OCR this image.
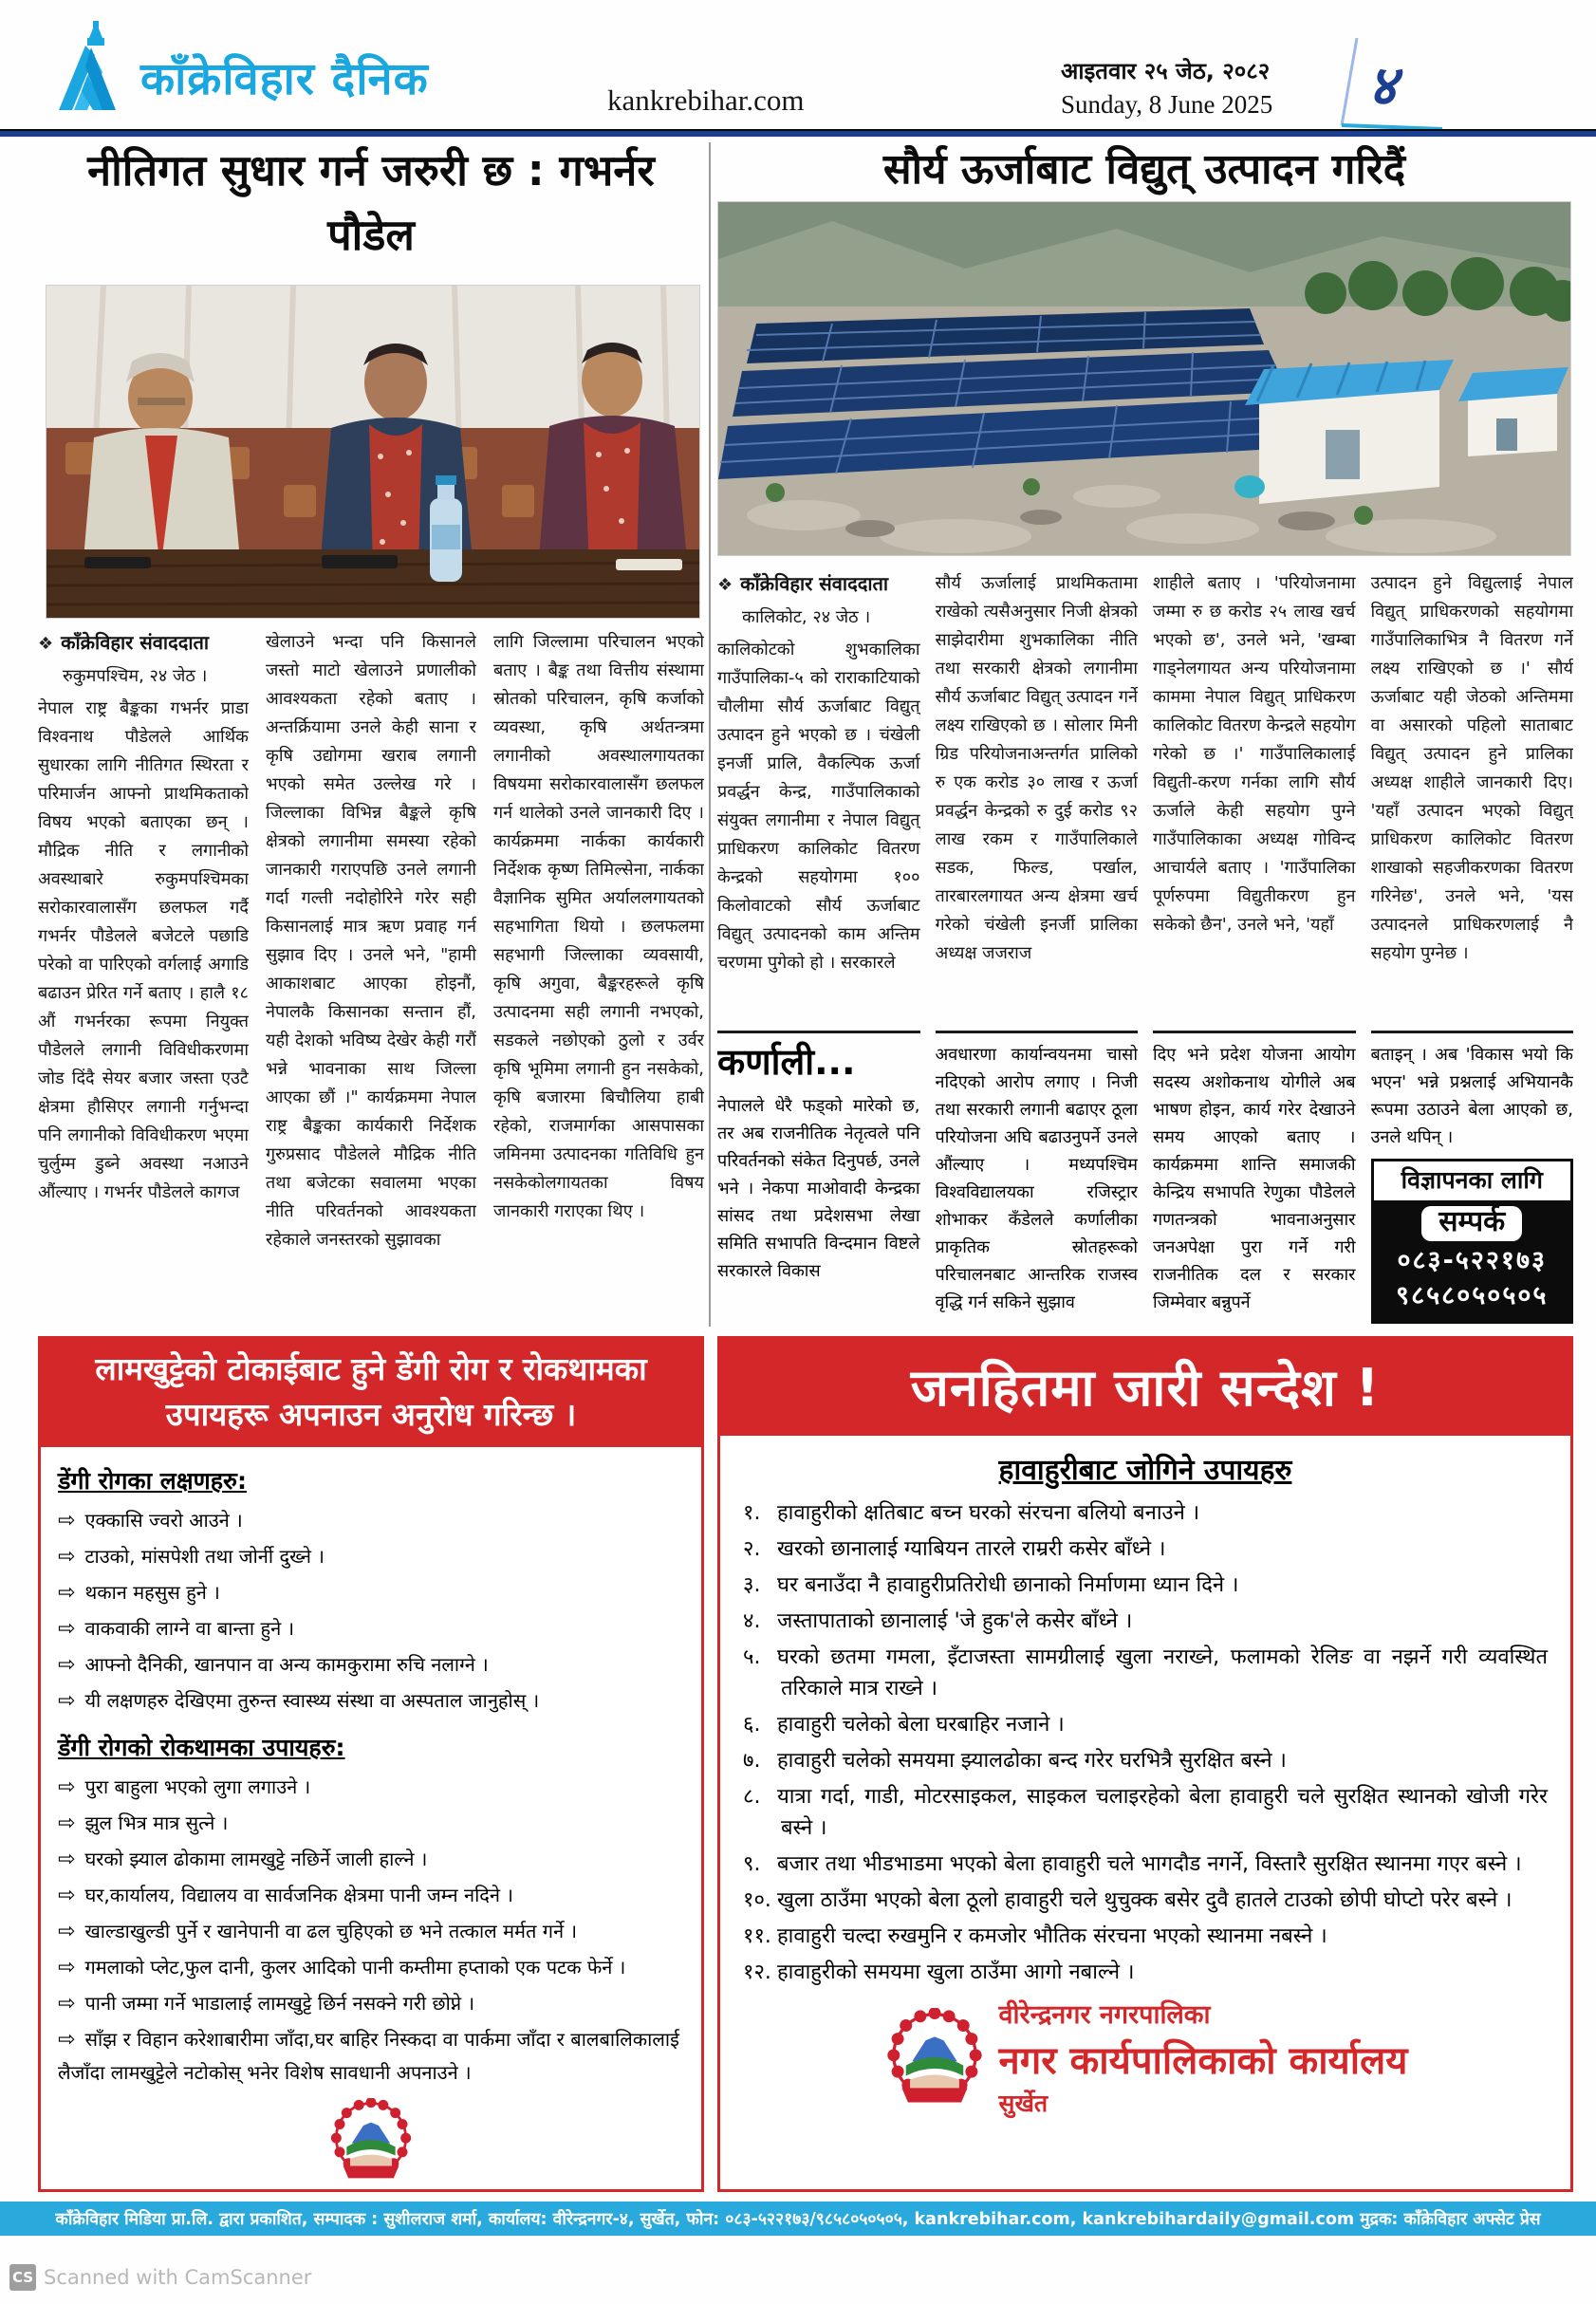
काँक्रेविहार दैनिक	kankrebihar.com
आइतवार २५ जेठ, २०८२
Sunday, 8 June 2025 ४
नीतिगत सुधार गर्न जरुरी छ : गभर्नर पौडेल
❖ काँक्रेविहार संवाददाता
रुकुमपश्चिम, २४ जेठ ।
नेपाल राष्ट्र बैङ्कका गभर्नर प्राडा विश्वनाथ पौडेलले आर्थिक सुधारका लागि नीतिगत स्थिरता र परिमार्जन आफ्नो प्राथमिकताको विषय भएको बताएका छन् । मौद्रिक नीति र लगानीको अवस्थाबारे रुकुमपश्चिमका सरोकारवालासँग छलफल गर्दै गभर्नर पौडेलले बजेटले पछाडि परेको वा पारिएको वर्गलाई अगाडि बढाउन प्रेरित गर्ने बताए । हालै १८ औं गभर्नरका रूपमा नियुक्त पौडेलले लगानी विविधीकरणमा जोड दिंदै सेयर बजार जस्ता एउटै क्षेत्रमा हौसिएर लगानी गर्नुभन्दा पनि लगानीको विविधीकरण भएमा चुर्लुम्म डुब्ने अवस्था नआउने औंल्याए । गभर्नर पौडेलले कागज
खेलाउने भन्दा पनि किसानले जस्तो माटो खेलाउने प्रणालीको आवश्यकता रहेको बताए । अन्तर्क्रियामा उनले केही साना र कृषि उद्योगमा खराब लगानी भएको समेत उल्लेख गरे । जिल्लाका विभिन्न बैङ्कले कृषि क्षेत्रको लगानीमा समस्या रहेको जानकारी गराएपछि उनले लगानी गर्दा गल्ती नदोहोरिने गरेर सही किसानलाई मात्र ऋण प्रवाह गर्न सुझाव दिए । उनले भने, "हामी आकाशबाट आएका होइनौं, नेपालकै किसानका सन्तान हौं, यही देशको भविष्य देखेर केही गरौं भन्ने भावनाका साथ जिल्ला आएका छौं ।" कार्यक्रममा नेपाल राष्ट्र बैङ्कका कार्यकारी निर्देशक गुरुप्रसाद पौडेलले मौद्रिक नीति तथा बजेटका सवालमा भएका नीति परिवर्तनको आवश्यकता रहेकाले जनस्तरको सुझावका
लागि जिल्लामा परिचालन भएको बताए । बैङ्क तथा वित्तीय संस्थामा स्रोतको परिचालन, कृषि कर्जाको व्यवस्था, कृषि अर्थतन्त्रमा लगानीको अवस्थालगायतका विषयमा सरोकारवालासँग छलफल गर्न थालेको उनले जानकारी दिए । कार्यक्रममा नार्कका कार्यकारी निर्देशक कृष्ण तिमिल्सेना, नार्कका वैज्ञानिक सुमित अर्याललगायतको सहभागिता थियो । छलफलमा सहभागी जिल्लाका व्यवसायी, कृषि अगुवा, बैङ्करहरूले कृषि उत्पादनमा सही लगानी नभएको, सडकले नछोएको ठुलो र उर्वर कृषि भूमिमा लगानी हुन नसकेको, कृषि बजारमा बिचौलिया हाबी रहेको, राजमार्गका आसपासका जमिनमा उत्पादनका गतिविधि हुन नसकेकोलगायतका विषय जानकारी गराएका थिए ।
सौर्य ऊर्जाबाट विद्युत् उत्पादन गरिदैं
❖ काँक्रेविहार संवाददाता
कालिकोट, २४ जेठ ।
कालिकोटको शुभकालिका गाउँपालिका-५ को राराकाटियाको चौलीमा सौर्य ऊर्जाबाट विद्युत् उत्पादन हुने भएको छ । चंखेली इनर्जी प्रालि, वैकल्पिक ऊर्जा प्रवर्द्धन केन्द्र, गाउँपालिकाको संयुक्त लगानीमा र नेपाल विद्युत् प्राधिकरण कालिकोट वितरण केन्द्रको सहयोगमा १०० किलोवाटको सौर्य ऊर्जाबाट विद्युत् उत्पादनको काम अन्तिम चरणमा पुगेको हो । सरकारले
सौर्य ऊर्जालाई प्राथमिकतामा राखेको त्यसैअनुसार निजी क्षेत्रको साझेदारीमा शुभकालिका नीति तथा सरकारी क्षेत्रको लगानीमा सौर्य ऊर्जाबाट विद्युत् उत्पादन गर्ने लक्ष्य राखिएको छ । सोलार मिनी ग्रिड परियोजनाअन्तर्गत प्रालिको रु एक करोड ३० लाख र ऊर्जा प्रवर्द्धन केन्द्रको रु दुई करोड ९२ लाख रकम र गाउँपालिकाले सडक, फिल्ड, पर्खाल, तारबारलगायत अन्य क्षेत्रमा खर्च गरेको चंखेली इनर्जी प्रालिका अध्यक्ष जजराज
शाहीले बताए । 'परियोजनामा जम्मा रु छ करोड २५ लाख खर्च भएको छ', उनले भने, 'खम्बा गाड्नेलगायत अन्य परियोजनामा काममा नेपाल विद्युत् प्राधिकरण कालिकोट वितरण केन्द्रले सहयोग गरेको छ ।' गाउँपालिकालाई विद्युती-करण गर्नका लागि सौर्य ऊर्जाले केही सहयोग पुग्ने गाउँपालिकाका अध्यक्ष गोविन्द आचार्यले बताए । 'गाउँपालिका पूर्णरुपमा विद्युतीकरण हुन सकेको छैन', उनले भने, 'यहाँ
उत्पादन हुने विद्युत्लाई नेपाल विद्युत् प्राधिकरणको सहयोगमा गाउँपालिकाभित्र नै वितरण गर्ने लक्ष्य राखिएको छ ।' सौर्य ऊर्जाबाट यही जेठको अन्तिममा वा असारको पहिलो साताबाट विद्युत् उत्पादन हुने प्रालिका अध्यक्ष शाहीले जानकारी दिए। 'यहाँ उत्पादन भएको विद्युत् प्राधिकरण कालिकोट वितरण शाखाको सहजीकरणका वितरण गरिनेछ', उनले भने, 'यस उत्पादनले प्राधिकरणलाई नै सहयोग पुग्नेछ ।
कर्णाली...
नेपालले धेरै फड्को मारेको छ, तर अब राजनीतिक नेतृत्वले पनि परिवर्तनको संकेत दिनुपर्छ, उनले भने । नेकपा माओवादी केन्द्रका सांसद तथा प्रदेशसभा लेखा समिति सभापति विन्दमान विष्टले सरकारले विकास
अवधारणा कार्यान्वयनमा चासो नदिएको आरोप लगाए । निजी तथा सरकारी लगानी बढाएर ठूला परियोजना अघि बढाउनुपर्ने उनले औंल्याए । मध्यपश्चिम विश्वविद्यालयका रजिस्ट्रार शोभाकर कँडेलले कर्णालीका प्राकृतिक स्रोतहरूको परिचालनबाट आन्तरिक राजस्व वृद्धि गर्न सकिने सुझाव
दिए भने प्रदेश योजना आयोग सदस्य अशोकनाथ योगीले अब भाषण होइन, कार्य गरेर देखाउने समय आएको बताए । कार्यक्रममा शान्ति समाजकी केन्द्रिय सभापति रेणुका पौडेलले गणतन्त्रको भावनाअनुसार जनअपेक्षा पुरा गर्ने गरी राजनीतिक दल र सरकार जिम्मेवार बन्नुपर्ने
बताइन् । अब 'विकास भयो कि भएन' भन्ने प्रश्नलाई अभियानकै रूपमा उठाउने बेला आएको छ, उनले थपिन् ।
विज्ञापनका लागि
सम्पर्क
०८३-५२२१७३
९८५८०५०५०५
लामखुट्टेको टोकाईबाट हुने डेंगी रोग र रोकथामका उपायहरू अपनाउन अनुरोध गरिन्छ ।
डेंगी रोगका लक्षणहरु:
⇨ एक्कासि ज्वरो आउने ।
⇨ टाउको, मांसपेशी तथा जोर्नी दुख्ने ।
⇨ थकान महसुस हुने ।
⇨ वाकवाकी लाग्ने वा बान्ता हुने ।
⇨ आफ्नो दैनिकी, खानपान वा अन्य कामकुरामा रुचि नलाग्ने ।
⇨ यी लक्षणहरु देखिएमा तुरुन्त स्वास्थ्य संस्था वा अस्पताल जानुहोस् ।
डेंगी रोगको रोकथामका उपायहरु:
⇨ पुरा बाहुला भएको लुगा लगाउने ।
⇨ झुल भित्र मात्र सुत्ने ।
⇨ घरको झ्याल ढोकामा लामखुट्टे नछिर्ने जाली हाल्ने ।
⇨ घर,कार्यालय, विद्यालय वा सार्वजनिक क्षेत्रमा पानी जम्न नदिने ।
⇨ खाल्डाखुल्डी पुर्ने र खानेपानी वा ढल चुहिएको छ भने तत्काल मर्मत गर्ने ।
⇨ गमलाको प्लेट,फुल दानी, कुलर आदिको पानी कम्तीमा हप्ताको एक पटक फेर्ने ।
⇨ पानी जम्मा गर्ने भाडालाई लामखुट्टे छिर्न नसक्ने गरी छोप्ने ।
⇨ साँझ र विहान करेशाबारीमा जाँदा,घर बाहिर निस्कदा वा पार्कमा जाँदा र बालबालिकालाई लैजाँदा लामखुट्टेले नटोकोस् भनेर विशेष सावधानी अपनाउने ।
जनहितमा जारी सन्देश !
हावाहुरीबाट जोगिने उपायहरु
१. हावाहुरीको क्षतिबाट बच्न घरको संरचना बलियो बनाउने ।
२. खरको छानालाई ग्याबियन तारले राम्ररी कसेर बाँध्ने ।
३. घर बनाउँदा नै हावाहुरीप्रतिरोधी छानाको निर्माणमा ध्यान दिने ।
४. जस्तापाताको छानालाई 'जे हुक'ले कसेर बाँध्ने ।
५. घरको छतमा गमला, इँटाजस्ता सामग्रीलाई खुला नराख्ने, फलामको रेलिङ वा नझर्ने गरी व्यवस्थित तरिकाले मात्र राख्ने ।
६. हावाहुरी चलेको बेला घरबाहिर नजाने ।
७. हावाहुरी चलेको समयमा झ्यालढोका बन्द गरेर घरभित्रै सुरक्षित बस्ने ।
८. यात्रा गर्दा, गाडी, मोटरसाइकल, साइकल चलाइरहेको बेला हावाहुरी चले सुरक्षित स्थानको खोजी गरेर बस्ने ।
९. बजार तथा भीडभाडमा भएको बेला हावाहुरी चले भागदौड नगर्ने, विस्तारै सुरक्षित स्थानमा गएर बस्ने ।
१०. खुला ठाउँमा भएको बेला ठूलो हावाहुरी चले थुचुक्क बसेर दुवै हातले टाउको छोपी घोप्टो परेर बस्ने ।
११. हावाहुरी चल्दा रुखमुनि र कमजोर भौतिक संरचना भएको स्थानमा नबस्ने ।
१२. हावाहुरीको समयमा खुला ठाउँमा आगो नबाल्ने ।
वीरेन्द्रनगर नगरपालिका
नगर कार्यपालिकाको कार्यालय
सुर्खेत
काँक्रेविहार मिडिया प्रा.लि. द्वारा प्रकाशित, सम्पादक : सुशीलराज शर्मा, कार्यालय: वीरेन्द्रनगर-४, सुर्खेत, फोन: ०८३-५२२१७३/९८५८०५०५०५, kankrebihar.com, kankrebihardaily@gmail.com मुद्रक: काँक्रेविहार अफ्सेट प्रेस
CS Scanned with CamScanner
